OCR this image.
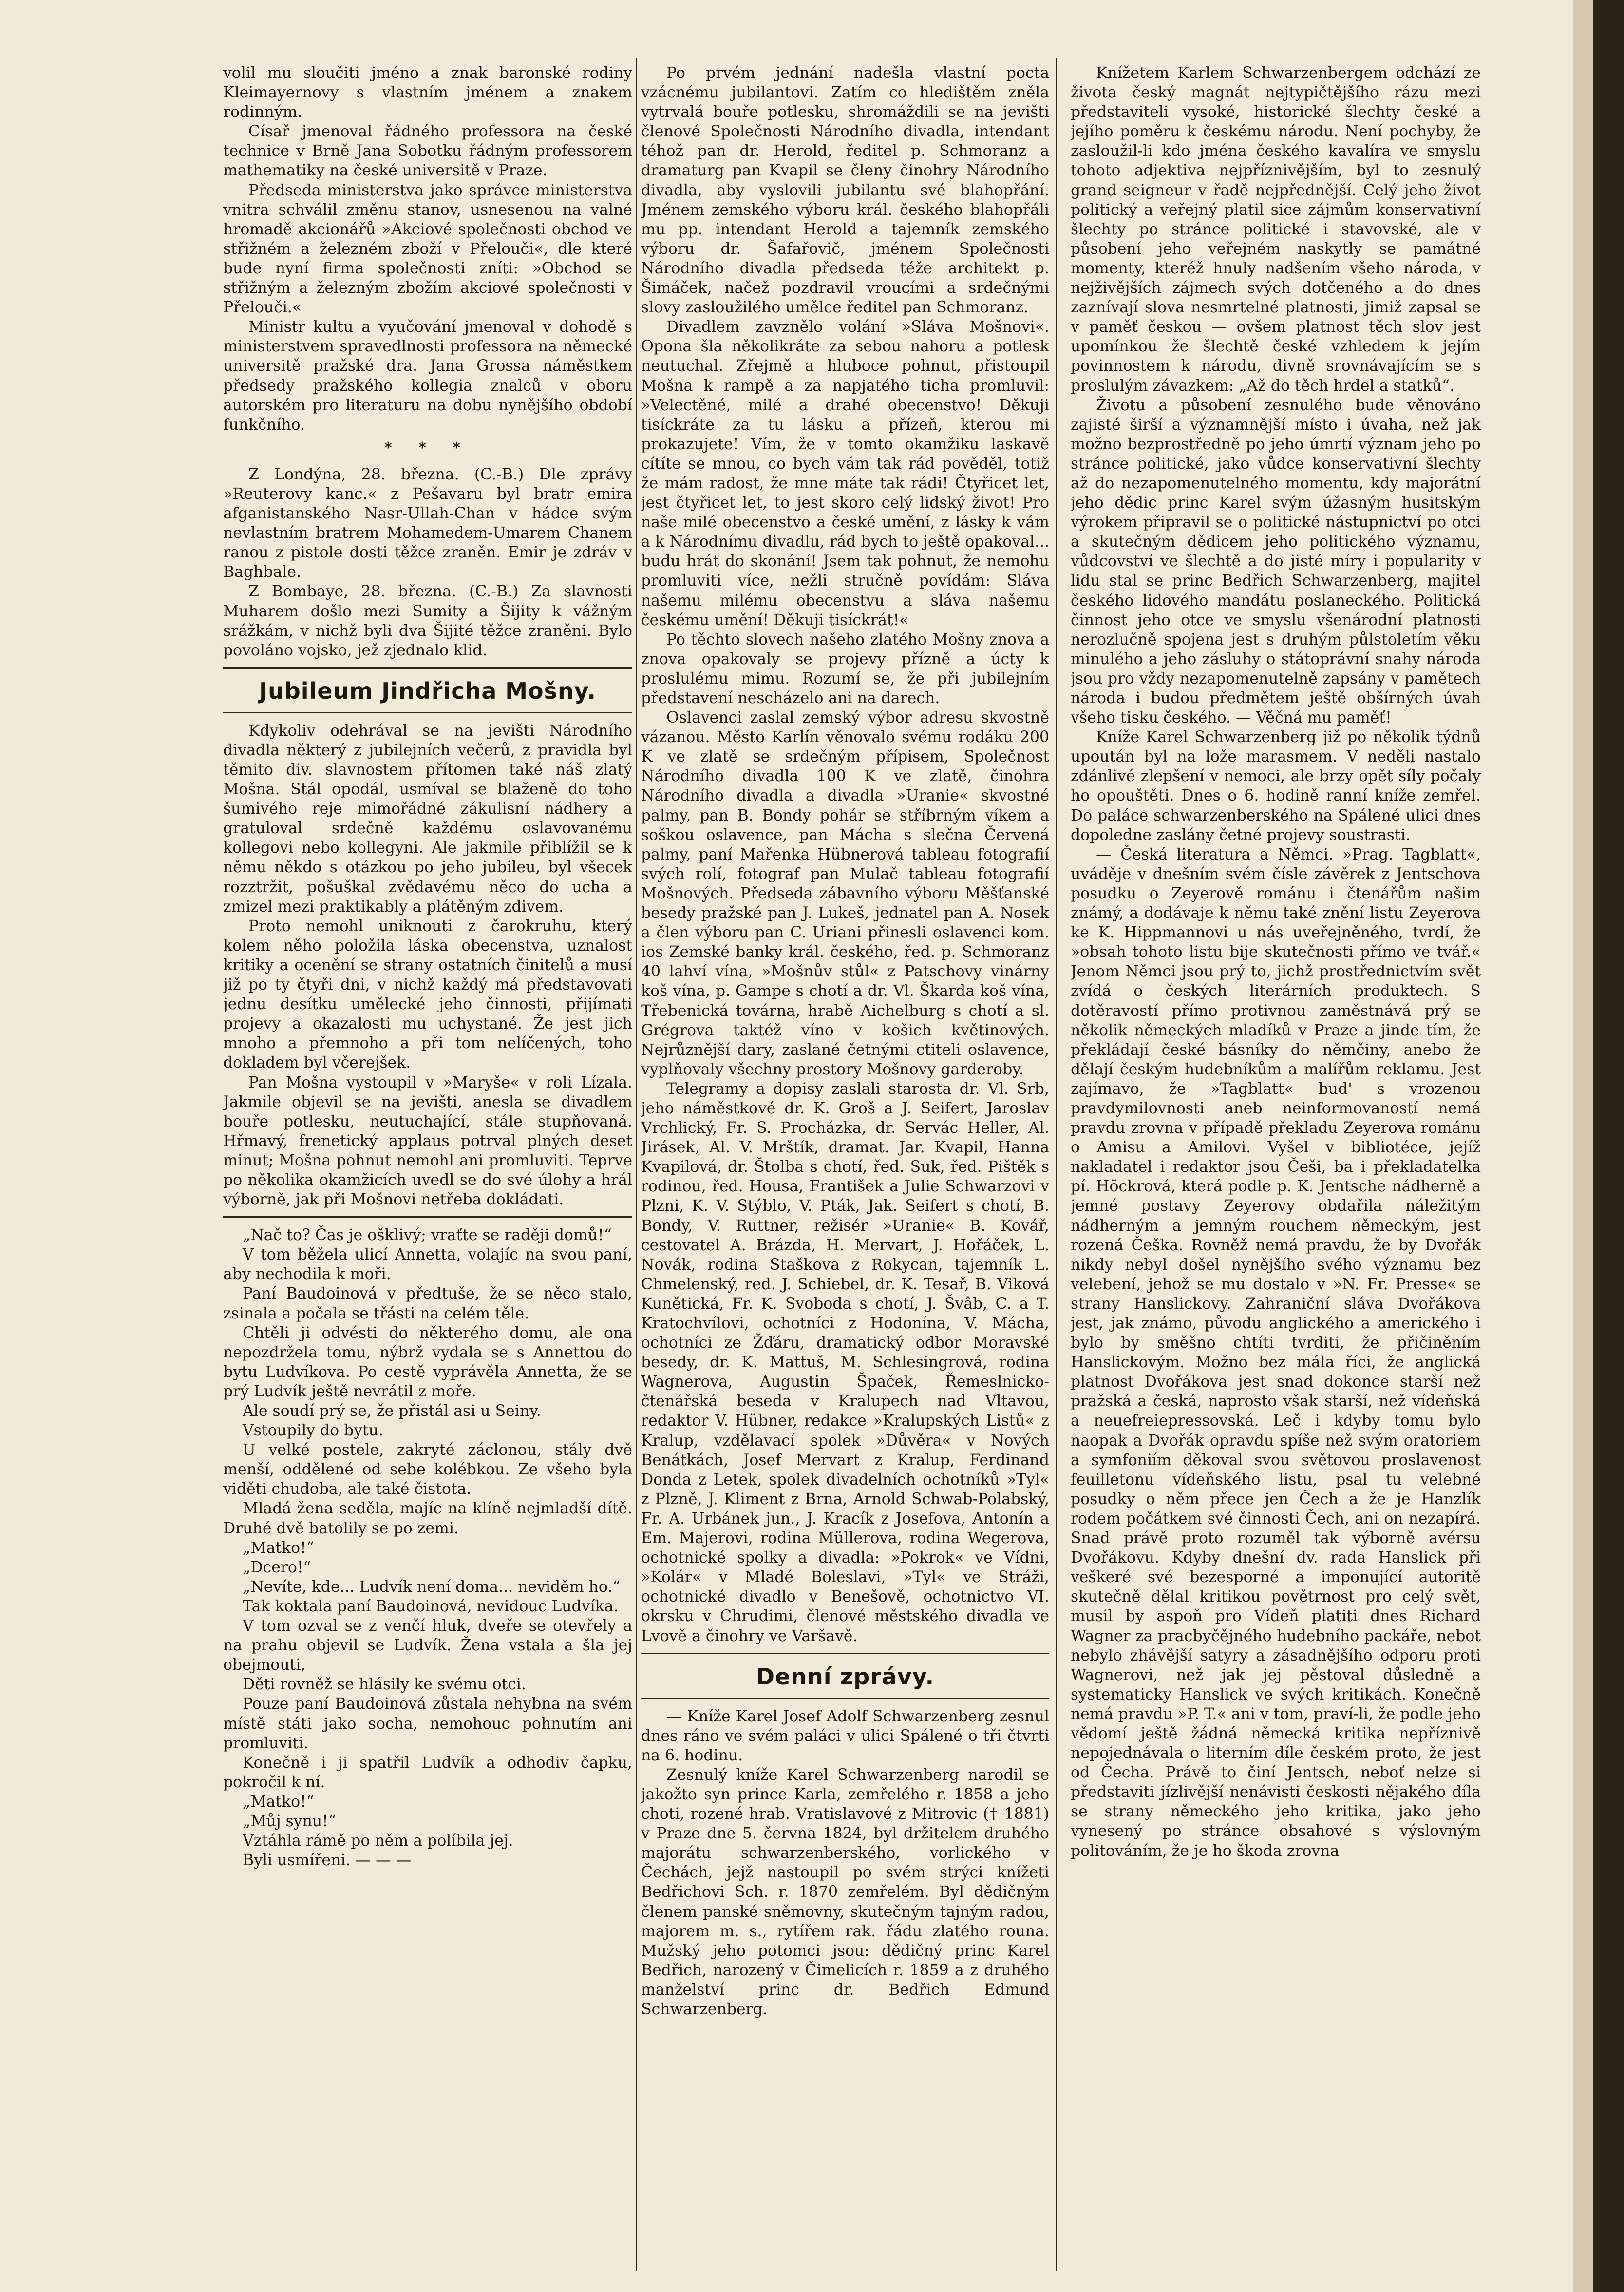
volil mu sloučiti jméno a znak baronské rodiny Kleimayernovy s vlastním jménem a znakem rodinným.

Císař jmenoval řádného professora na české technice v Brně Jana Sobotku řádným professorem mathematiky na české universitě v Praze.

Předseda ministerstva jako správce ministerstva vnitra schválil změnu stanov, usnesenou na valné hromadě akcionářů »Akciové společnosti obchod ve střižném a železném zboží v Přelouči«, dle které bude nyní firma společnosti zníti: »Obchod se střižným a železným zbožím akciové společnosti v Přelouči.«

Ministr kultu a vyučování jmenoval v dohodě s ministerstvem spravedlnosti professora na německé universitě pražské dra. Jana Grossa náměstkem předsedy pražského kollegia znalců v oboru autorském pro literaturu na dobu nynějšího období funkčního.

* * *

Z Londýna, 28. března. (C.-B.) Dle zprávy »Reuterovy kanc.« z Pešavaru byl bratr emira afganistanského Nasr-Ullah-Chan v hádce svým nevlastním bratrem Mohamedem-Umarem Chanem ranou z pistole dosti těžce zraněn. Emir je zdráv v Baghbale.

Z Bombaye, 28. března. (C.-B.) Za slavnosti Muharem došlo mezi Sumity a Šijity k vážným srážkám, v nichž byli dva Šijité těžce zraněni. Bylo povoláno vojsko, jež zjednalo klid.

Jubileum Jindřicha Mošny.

Kdykoliv odehrával se na jevišti Národního divadla některý z jubilejních večerů, z pravidla byl těmito div. slavnostem přítomen také náš zlatý Mošna. Stál opodál, usmíval se blaženě do toho šumivého reje mimořádné zákulisní nádhery a gratuloval srdečně každému oslavovanému kollegovi nebo kollegyni. Ale jakmile přiblížil se k němu někdo s otázkou po jeho jubileu, byl všecek rozztržit, pošuškal zvědavému něco do ucha a zmizel mezi praktikably a plátěným zdivem.

Proto nemohl uniknouti z čarokruhu, který kolem něho položila láska obecenstva, uznalost kritiky a ocenění se strany ostatních činitelů a musí již po ty čtyři dni, v nichž každý má představovati jednu desítku umělecké jeho činnosti, přijímati projevy a okazalosti mu uchystané. Že jest jich mnoho a přemnoho a při tom nelíčených, toho dokladem byl včerejšek.

Pan Mošna vystoupil v »Maryše« v roli Lízala. Jakmile objevil se na jevišti, anesla se divadlem bouře potlesku, neutuchající, stále stupňovaná. Hřmavý, frenetický applaus potrval plných deset minut; Mošna pohnut nemohl ani promluviti. Teprve po několika okamžicích uvedl se do své úlohy a hrál výborně, jak při Mošnovi netřeba dokládati.

„Nač to? Čas je ošklivý; vraťte se raději domů!“

V tom běžela ulicí Annetta, volajíc na svou paní, aby nechodila k moři.

Paní Baudoinová v předtuše, že se něco stalo, zsinala a počala se třásti na celém těle.

Chtěli ji odvésti do některého domu, ale ona nepozdržela tomu, nýbrž vydala se s Annettou do bytu Ludvíkova. Po cestě vyprávěla Annetta, že se prý Ludvík ještě nevrátil z moře.

Ale soudí prý se, že přistál asi u Seiny.

Vstoupily do bytu.

U velké postele, zakryté záclonou, stály dvě menší, oddělené od sebe kolébkou. Ze všeho byla viděti chudoba, ale také čistota.

Mladá žena seděla, majíc na klíně nejmladší dítě. Druhé dvě batolily se po zemi.

„Matko!“

„Dcero!“

„Nevíte, kde... Ludvík není doma... neviděm ho.“

Tak koktala paní Baudoinová, nevidouc Ludvíka.

V tom ozval se z venčí hluk, dveře se otevřely a na prahu objevil se Ludvík. Žena vstala a šla jej obejmouti,

Děti rovněž se hlásily ke svému otci.

Pouze paní Baudoinová zůstala nehybna na svém místě státi jako socha, nemohouc pohnutím ani promluviti.

Konečně i ji spatřil Ludvík a odhodiv čapku, pokročil k ní.

„Matko!“

„Můj synu!“

Vztáhla rámě po něm a políbila jej.

Byli usmířeni. — — —

Po prvém jednání nadešla vlastní pocta vzácnému jubilantovi. Zatím co hledištěm zněla vytrvalá bouře potlesku, shromáždili se na jevišti členové Společnosti Národního divadla, intendant téhož pan dr. Herold, ředitel p. Schmoranz a dramaturg pan Kvapil se členy činohry Národního divadla, aby vyslovili jubilantu své blahopřání. Jménem zemského výboru král. českého blahopřáli mu pp. intendant Herold a tajemník zemského výboru dr. Šafařovič, jménem Společnosti Národního divadla předseda téže architekt p. Šimáček, načež pozdravil vroucími a srdečnými slovy zasloužilého umělce ředitel pan Schmoranz.

Divadlem zavznělo volání »Sláva Mošnovi«. Opona šla několikráte za sebou nahoru a potlesk neutuchal. Zřejmě a hluboce pohnut, přistoupil Mošna k rampě a za napjatého ticha promluvil: »Velectěné, milé a drahé obecenstvo! Děkuji tisíckráte za tu lásku a přízeň, kterou mi prokazujete! Vím, že v tomto okamžiku laskavě cítíte se mnou, co bych vám tak rád pověděl, totiž že mám radost, že mne máte tak rádi! Čtyřicet let, jest čtyřicet let, to jest skoro celý lidský život! Pro naše milé obecenstvo a české umění, z lásky k vám a k Národnímu divadlu, rád bych to ještě opakoval... budu hrát do skonání! Jsem tak pohnut, že nemohu promluviti více, nežli stručně povídám: Sláva našemu milému obecenstvu a sláva našemu českému umění! Děkuji tisíckrát!«

Po těchto slovech našeho zlatého Mošny znova a znova opakovaly se projevy přízně a úcty k proslulému mimu. Rozumí se, že při jubilejním představení nescházelo ani na darech.

Oslavenci zaslal zemský výbor adresu skvostně vázanou. Město Karlín věnovalo svému rodáku 200 K ve zlatě se srdečným přípisem, Společnost Národního divadla 100 K ve zlatě, činohra Národního divadla a divadla »Uranie« skvostné palmy, pan B. Bondy pohár se stříbrným víkem a soškou oslavence, pan Mácha s slečna Červená palmy, paní Mařenka Hübnerová tableau fotografií svých rolí, fotograf pan Mulač tableau fotografií Mošnových. Předseda zábavního výboru Měšťanské besedy pražské pan J. Lukeš, jednatel pan A. Nosek a člen výboru pan C. Uriani přinesli oslavenci kom. ios Zemské banky král. českého, řed. p. Schmoranz 40 lahví vína, »Mošnův stůl« z Patschovy vinárny koš vína, p. Gampe s chotí a dr. Vl. Škarda koš vína, Třebenická továrna, hrabě Aichelburg s chotí a sl. Grégrova taktéž víno v košich květinových. Nejrůznější dary, zaslané četnými ctiteli oslavence, vyplňovaly všechny prostory Mošnovy garderoby.

Telegramy a dopisy zaslali starosta dr. Vl. Srb, jeho náměstkové dr. K. Groš a J. Seifert, Jaroslav Vrchlický, Fr. S. Procházka, dr. Servác Heller, Al. Jirásek, Al. V. Mrštík, dramat. Jar. Kvapil, Hanna Kvapilová, dr. Štolba s chotí, řed. Suk, řed. Pištěk s rodinou, řed. Housa, František a Julie Schwarzovi v Plzni, K. V. Stýblo, V. Pták, Jak. Seifert s chotí, B. Bondy, V. Ruttner, režisér »Uranie« B. Kovář, cestovatel A. Brázda, H. Mervart, J. Hořáček, L. Novák, rodina Staškova z Rokycan, tajemník L. Chmelenský, red. J. Schiebel, dr. K. Tesař, B. Viková Kunětická, Fr. K. Svoboda s chotí, J. Švâb, C. a T. Kratochvílovi, ochotníci z Hodonína, V. Mácha, ochotníci ze Žďáru, dramatický odbor Moravské besedy, dr. K. Mattuš, M. Schlesingrová, rodina Wagnerova, Augustin Špaček, Řemeslnicko-čtenářská beseda v Kralupech nad Vltavou, redaktor V. Hübner, redakce »Kralupských Listů« z Kralup, vzdělavací spolek »Důvěra« v Nových Benátkách, Josef Mervart z Kralup, Ferdinand Donda z Letek, spolek divadelních ochotníků »Tyl« z Plzně, J. Kliment z Brna, Arnold Schwab-Polabský, Fr. A. Urbánek jun., J. Kracík z Josefova, Antonín a Em. Majerovi, rodina Müllerova, rodina Wegerova, ochotnické spolky a divadla: »Pokrok« ve Vídni, »Kolár« v Mladé Boleslavi, »Tyl« ve Stráži, ochotnické divadlo v Benešově, ochotnictvo VI. okrsku v Chrudimi, členové městského divadla ve Lvově a činohry ve Varšavě.

Denní zprávy.

— Kníže Karel Josef Adolf Schwarzenberg zesnul dnes ráno ve svém paláci v ulici Spálené o tři čtvrti na 6. hodinu.

Zesnulý kníže Karel Schwarzenberg narodil se jakožto syn prince Karla, zemřelého r. 1858 a jeho choti, rozené hrab. Vratislavové z Mitrovic († 1881) v Praze dne 5. června 1824, byl držitelem druhého majorátu schwarzenberského, vorlického v Čechách, jejž nastoupil po svém strýci knížeti Bedřichovi Sch. r. 1870 zemřelém. Byl dědičným členem panské sněmovny, skutečným tajným radou, majorem m. s., rytířem rak. řádu zlatého rouna. Mužský jeho potomci jsou: dědičný princ Karel Bedřich, narozený v Čimelicích r. 1859 a z druhého manželství princ dr. Bedřich Edmund Schwarzenberg.

Knížetem Karlem Schwarzenbergem odchází ze života český magnát nejtypičtějšího rázu mezi představiteli vysoké, historické šlechty české a jejího poměru k českému národu. Není pochyby, že zasloužil-li kdo jména českého kavalíra ve smyslu tohoto adjektiva nejpříznivějším, byl to zesnulý grand seigneur v řadě nejpřednější. Celý jeho život politický a veřejný platil sice zájmům konservativní šlechty po stránce politické i stavovské, ale v působení jeho veřejném naskytly se památné momenty, kteréž hnuly nadšením všeho národa, v nejživějších zájmech svých dotčeného a do dnes zaznívají slova nesmrtelné platnosti, jimiž zapsal se v paměť českou — ovšem platnost těch slov jest upomínkou že šlechtě české vzhledem k jejím povinnostem k národu, divně srovnávajícím se s proslulým závazkem: „Až do těch hrdel a statků“.

Životu a působení zesnulého bude věnováno zajisté širší a významnější místo i úvaha, než jak možno bezprostředně po jeho úmrtí význam jeho po stránce politické, jako vůdce konservativní šlechty až do nezapomenutelného momentu, kdy majorátní jeho dědic princ Karel svým úžasným husitským výrokem připravil se o politické nástupnictví po otci a skutečným dědicem jeho politického významu, vůdcovství ve šlechtě a do jisté míry i popularity v lidu stal se princ Bedřich Schwarzenberg, majitel českého lidového mandátu poslaneckého. Politická činnost jeho otce ve smyslu všenárodní platnosti nerozlučně spojena jest s druhým půlstoletím věku minulého a jeho zásluhy o státoprávní snahy národa jsou pro vždy nezapomenutelně zapsány v pamětech národa i budou předmětem ještě obšírných úvah všeho tisku českého. — Věčná mu paměť!

Kníže Karel Schwarzenberg již po několik týdnů upoután byl na lože marasmem. V neděli nastalo zdánlivé zlepšení v nemoci, ale brzy opět síly počaly ho opouštěti. Dnes o 6. hodině ranní kníže zemřel. Do paláce schwarzenberského na Spálené ulici dnes dopoledne zaslány četné projevy soustrasti.

— Česká literatura a Němci. »Prag. Tagblatt«, uváděje v dnešním svém čísle závěrek z Jentschova posudku o Zeyerově románu i čtenářům našim známý, a dodávaje k němu také znění listu Zeyerova ke K. Hippmannovi u nás uveřejněného, tvrdí, že »obsah tohoto listu bije skutečnosti přímo ve tvář.« Jenom Němci jsou prý to, jichž prostřednictvím svět zvídá o českých literárních produktech. S dotěravostí přímo protivnou zaměstnává prý se několik německých mladíků v Praze a jinde tím, že překládají české básníky do němčiny, anebo že dělají českým hudebníkům a malířům reklamu. Jest zajímavo, že »Tagblatt« bud' s vrozenou pravdymilovnosti aneb neinformovaností nemá pravdu zrovna v případě překladu Zeyerova románu o Amisu a Amilovi. Vyšel v bibliotéce, jejíž nakladatel i redaktor jsou Češi, ba i překladatelka pí. Höckrová, která podle p. K. Jentsche nádherně a jemné postavy Zeyerovy obdařila náležitým nádherným a jemným rouchem německým, jest rozená Češka. Rovněž nemá pravdu, že by Dvořák nikdy nebyl došel nynějšího svého významu bez velebení, jehož se mu dostalo v »N. Fr. Presse« se strany Hanslickovy. Zahraniční sláva Dvořákova jest, jak známo, původu anglického a amerického i bylo by směšno chtíti tvrditi, že přičiněním Hanslickovým. Možno bez mála říci, že anglická platnost Dvořákova jest snad dokonce starší než pražská a česká, naprosto však starší, než vídeňská a neuefreiepressovská. Leč i kdyby tomu bylo naopak a Dvořák opravdu spíše než svým oratoriem a symfoniím děkoval svou světovou proslavenost feuilletonu vídeňského listu, psal tu velebné posudky o něm přece jen Čech a že je Hanzlík rodem počátkem své činnosti Čech, ani on nezapírá. Snad právě proto rozuměl tak výborně avérsu Dvořákovu. Kdyby dnešní dv. rada Hanslick při veškeré své bezesporné a imponující autoritě skutečně dělal kritikou povětrnost pro celý svět, musil by aspoň pro Vídeň platiti dnes Richard Wagner za pracbyčějného hudebního packáře, nebot nebylo zhávější satyry a zásadnějšího odporu proti Wagnerovi, než jak jej pěstoval důsledně a systematicky Hanslick ve svých kritikách. Konečně nemá pravdu »P. T.« ani v tom, praví-li, že podle jeho vědomí ještě žádná německá kritika nepříznivě nepojednávala o literním díle českém proto, že jest od Čecha. Právě to činí Jentsch, neboť nelze si představiti jízlivější nenávisti českosti nějakého díla se strany německého jeho kritika, jako jeho vynesený po stránce obsahové s výslovným politováním, že je ho škoda zrovna
